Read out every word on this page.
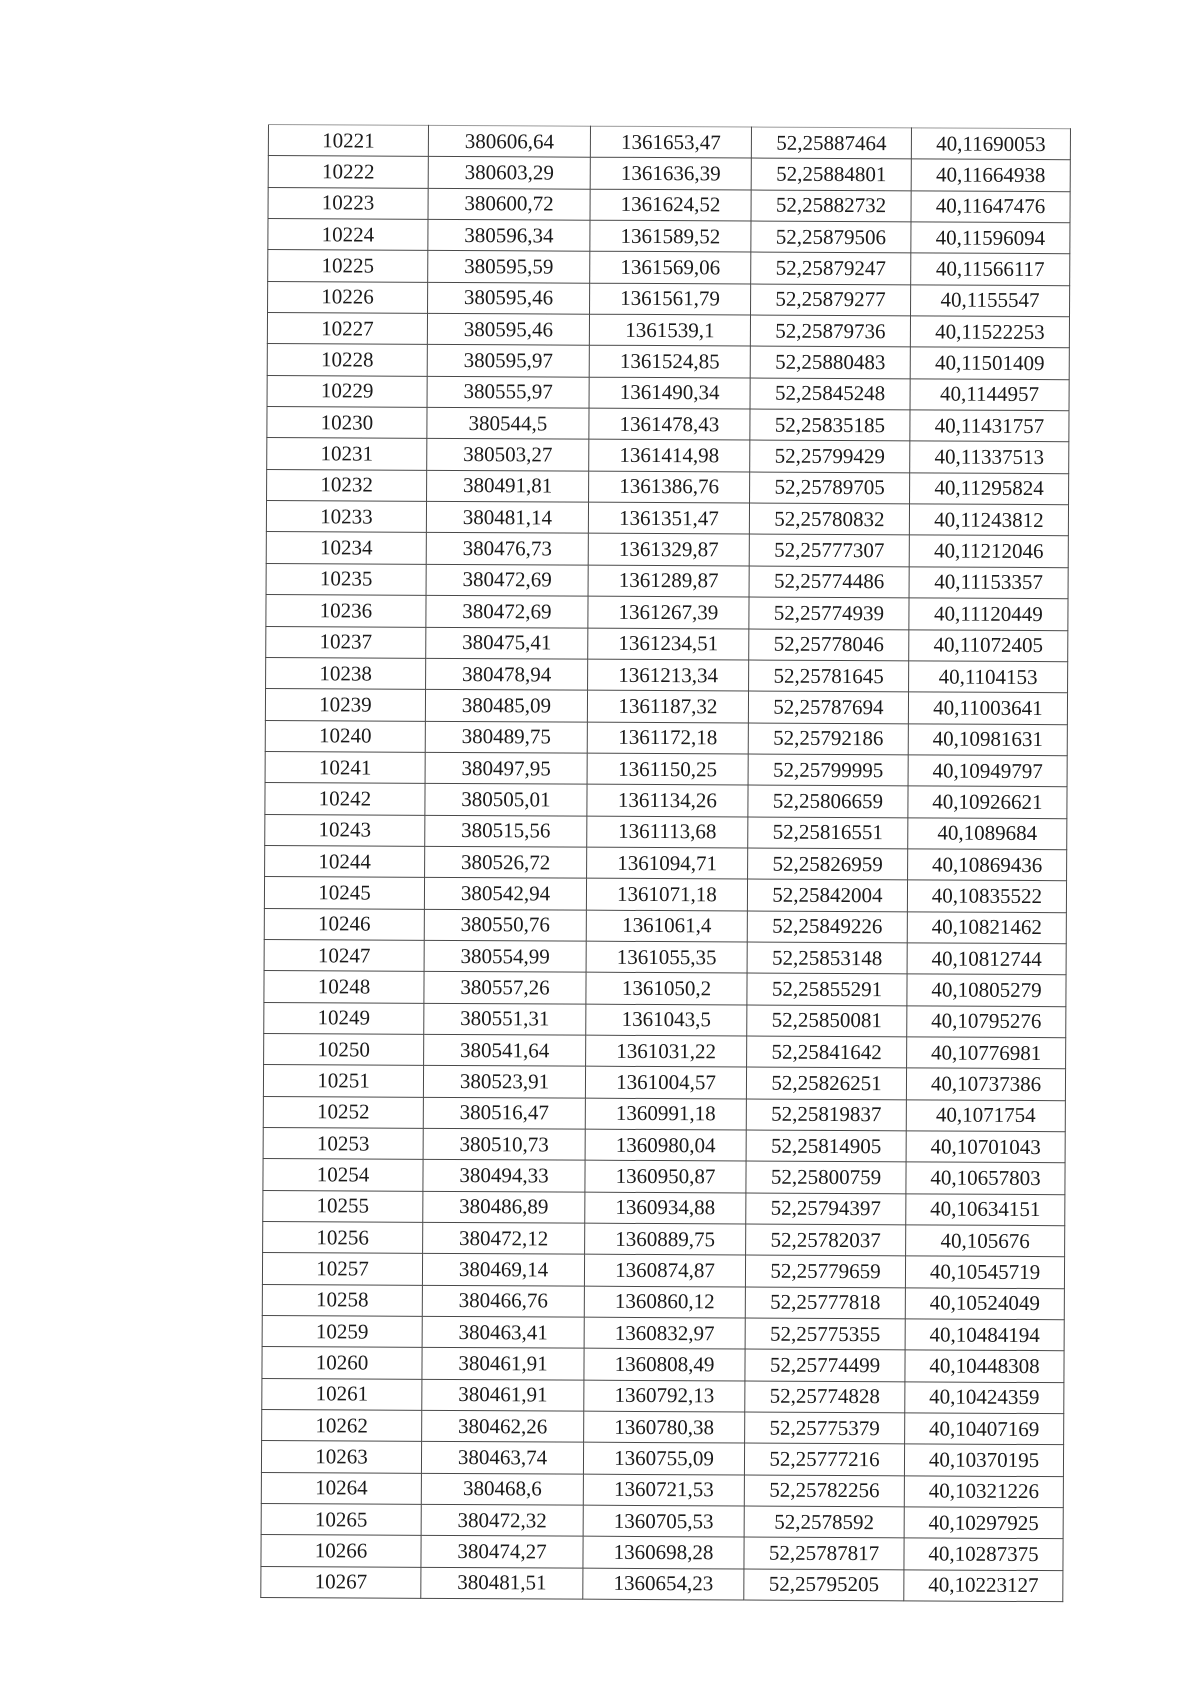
10221	380606,64	1361653,47	52,25887464	40,11690053
10222	380603,29	1361636,39	52,25884801	40,11664938
10223	380600,72	1361624,52	52,25882732	40,11647476
10224	380596,34	1361589,52	52,25879506	40,11596094
10225	380595,59	1361569,06	52,25879247	40,11566117
10226	380595,46	1361561,79	52,25879277	40,1155547
10227	380595,46	1361539,1	52,25879736	40,11522253
10228	380595,97	1361524,85	52,25880483	40,11501409
10229	380555,97	1361490,34	52,25845248	40,1144957
10230	380544,5	1361478,43	52,25835185	40,11431757
10231	380503,27	1361414,98	52,25799429	40,11337513
10232	380491,81	1361386,76	52,25789705	40,11295824
10233	380481,14	1361351,47	52,25780832	40,11243812
10234	380476,73	1361329,87	52,25777307	40,11212046
10235	380472,69	1361289,87	52,25774486	40,11153357
10236	380472,69	1361267,39	52,25774939	40,11120449
10237	380475,41	1361234,51	52,25778046	40,11072405
10238	380478,94	1361213,34	52,25781645	40,1104153
10239	380485,09	1361187,32	52,25787694	40,11003641
10240	380489,75	1361172,18	52,25792186	40,10981631
10241	380497,95	1361150,25	52,25799995	40,10949797
10242	380505,01	1361134,26	52,25806659	40,10926621
10243	380515,56	1361113,68	52,25816551	40,1089684
10244	380526,72	1361094,71	52,25826959	40,10869436
10245	380542,94	1361071,18	52,25842004	40,10835522
10246	380550,76	1361061,4	52,25849226	40,10821462
10247	380554,99	1361055,35	52,25853148	40,10812744
10248	380557,26	1361050,2	52,25855291	40,10805279
10249	380551,31	1361043,5	52,25850081	40,10795276
10250	380541,64	1361031,22	52,25841642	40,10776981
10251	380523,91	1361004,57	52,25826251	40,10737386
10252	380516,47	1360991,18	52,25819837	40,1071754
10253	380510,73	1360980,04	52,25814905	40,10701043
10254	380494,33	1360950,87	52,25800759	40,10657803
10255	380486,89	1360934,88	52,25794397	40,10634151
10256	380472,12	1360889,75	52,25782037	40,105676
10257	380469,14	1360874,87	52,25779659	40,10545719
10258	380466,76	1360860,12	52,25777818	40,10524049
10259	380463,41	1360832,97	52,25775355	40,10484194
10260	380461,91	1360808,49	52,25774499	40,10448308
10261	380461,91	1360792,13	52,25774828	40,10424359
10262	380462,26	1360780,38	52,25775379	40,10407169
10263	380463,74	1360755,09	52,25777216	40,10370195
10264	380468,6	1360721,53	52,25782256	40,10321226
10265	380472,32	1360705,53	52,2578592	40,10297925
10266	380474,27	1360698,28	52,25787817	40,10287375
10267	380481,51	1360654,23	52,25795205	40,10223127
